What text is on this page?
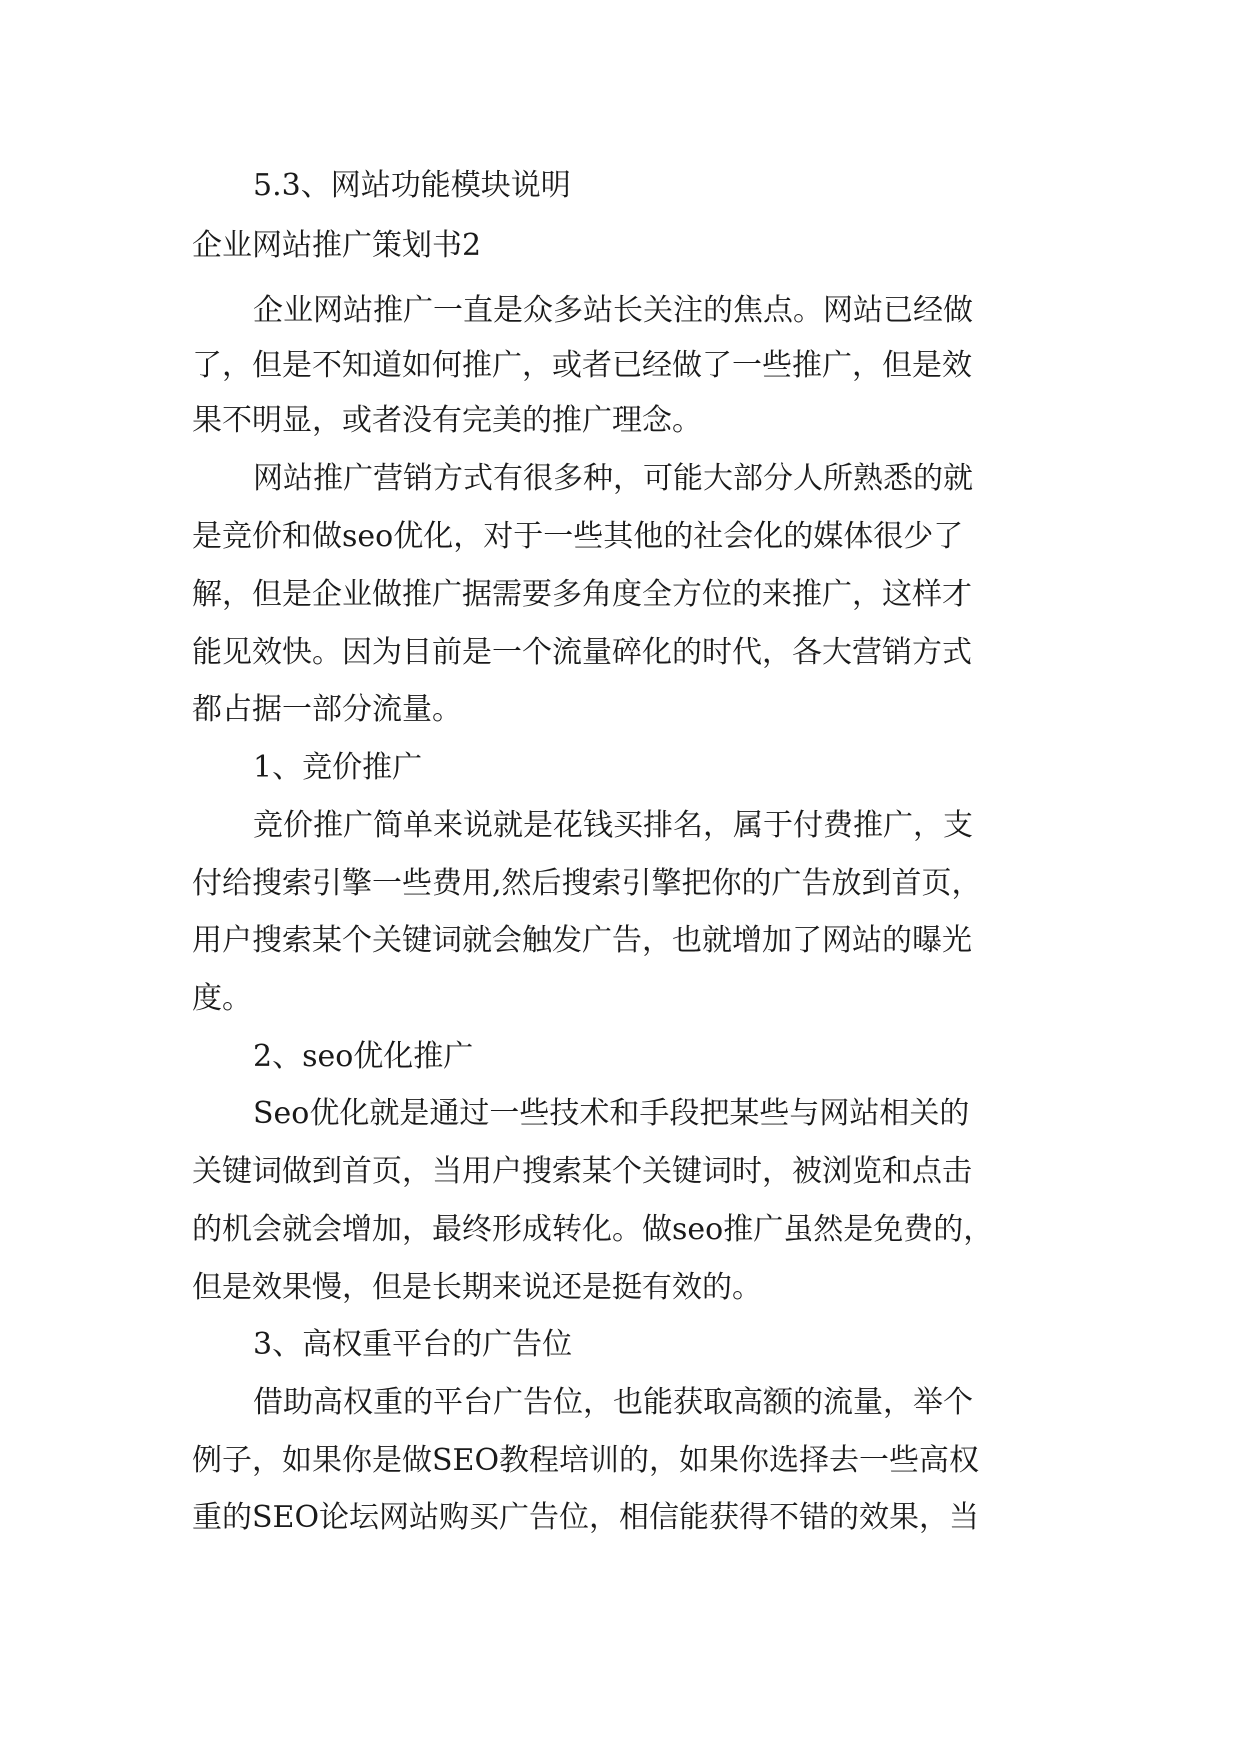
5.3、网站功能模块说明
企业网站推广策划书2
企业网站推广一直是众多站长关注的焦点。网站已经做
了，但是不知道如何推广，或者已经做了一些推广，但是效
果不明显，或者没有完美的推广理念。
网站推广营销方式有很多种，可能大部分人所熟悉的就
是竞价和做seo优化，对于一些其他的社会化的媒体很少了
解，但是企业做推广据需要多角度全方位的来推广，这样才
能见效快。因为目前是一个流量碎化的时代，各大营销方式
都占据一部分流量。
1、竞价推广
竞价推广简单来说就是花钱买排名，属于付费推广，支
付给搜索引擎一些费用,然后搜索引擎把你的广告放到首页，
用户搜索某个关键词就会触发广告，也就增加了网站的曝光
度。
2、seo优化推广
Seo优化就是通过一些技术和手段把某些与网站相关的
关键词做到首页，当用户搜索某个关键词时，被浏览和点击
的机会就会增加，最终形成转化。做seo推广虽然是免费的，
但是效果慢，但是长期来说还是挺有效的。
3、高权重平台的广告位
借助高权重的平台广告位，也能获取高额的流量，举个
例子，如果你是做SEO教程培训的，如果你选择去一些高权
重的SEO论坛网站购买广告位，相信能获得不错的效果，当
